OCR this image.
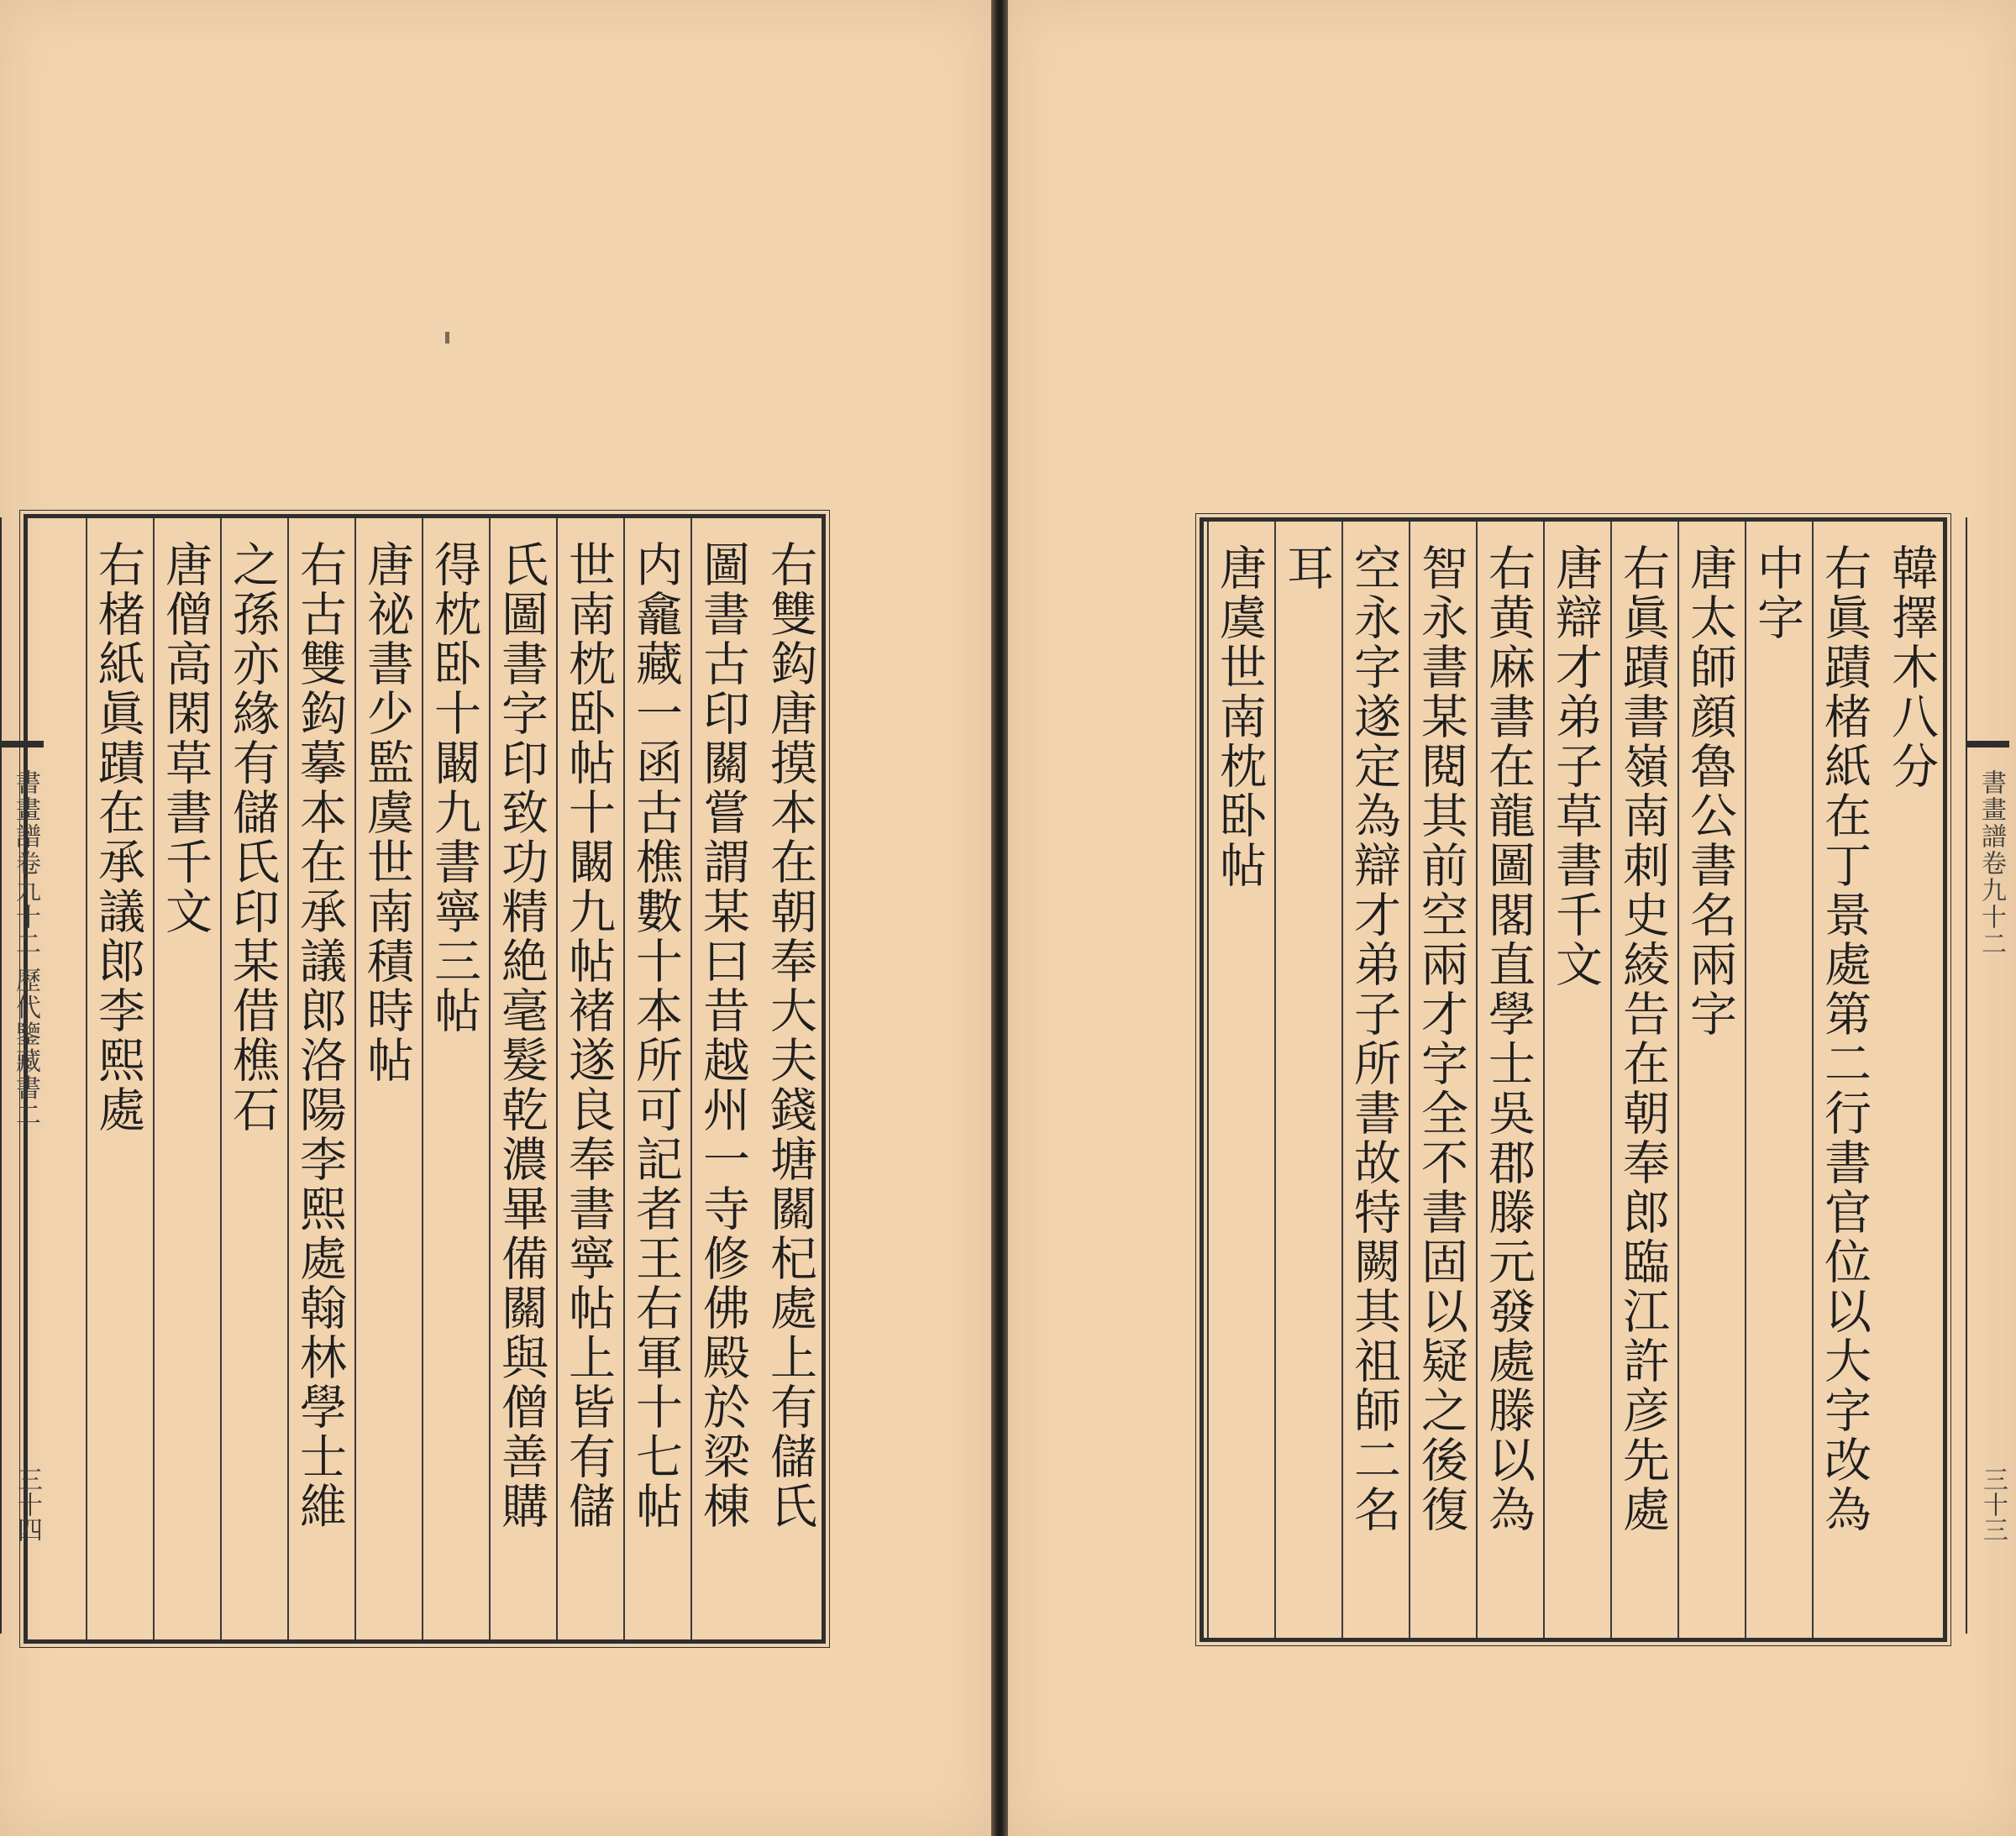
右雙鈎唐摸本在朝奉大夫錢塘關杞處上有儲氏
圖書古印關嘗謂某曰昔越州一寺修佛殿於梁棟
内龕藏一函古樵數十本所可記者王右軍十七帖
世南枕卧帖十闞九帖褚遂良奉書寧帖上皆有儲
氏圖書字印致功精絶毫髮乾濃畢備關與僧善購
得枕卧十闞九書寧三帖
唐祕書少監虞世南積時帖
右古雙鈎摹本在承議郎洛陽李熙處翰林學士維
之孫亦緣有儲氏印某借樵石
唐僧高閑草書千文
右楮紙眞蹟在承議郎李熙處
書畫譜卷九十二 歷代鑒藏書二
三十四
書畫譜卷九十二
三十三
韓擇木八分
右眞蹟楮紙在丁景處第二行書官位以大字改為
中字
唐太師顔魯公書名兩字
右眞蹟書嶺南刺史綾告在朝奉郎臨江許彦先處
唐辯才弟子草書千文
右黄麻書在龍圖閣直學士吳郡滕元發處滕以為
智永書某閱其前空兩才字全不書固以疑之後復
空永字遂定為辯才弟子所書故特闕其祖師二名
耳
唐虞世南枕卧帖
